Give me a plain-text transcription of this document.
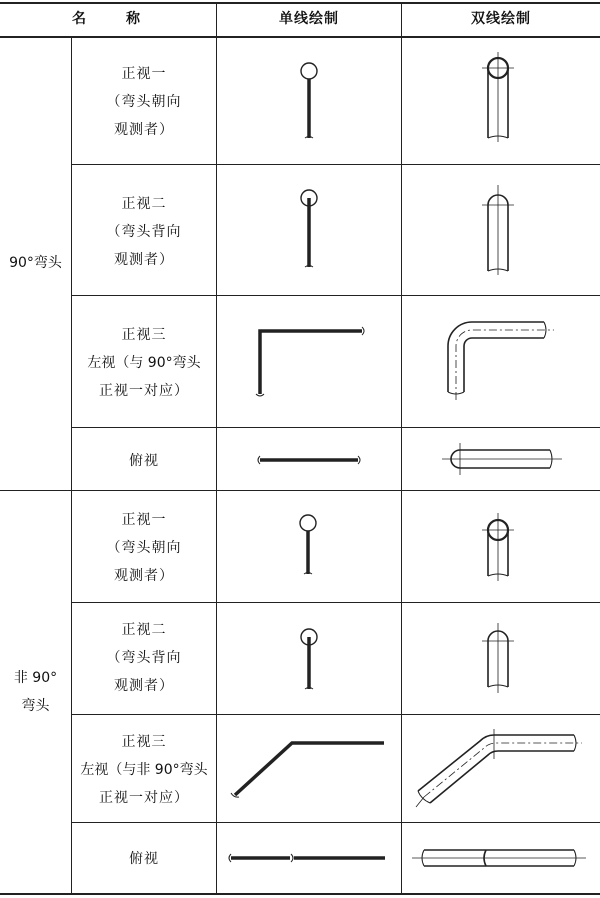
名　　称	单线绘制	双线绘制
90°弯头
非 90°
弯头
正视一
（弯头朝向
观测者）
正视二
（弯头背向
观测者）
正视三
左视（与 90°弯头
正视一对应）
俯视
正视一
（弯头朝向
观测者）
正视二
（弯头背向
观测者）
正视三
左视（与非 90°弯头
正视一对应）
俯视
